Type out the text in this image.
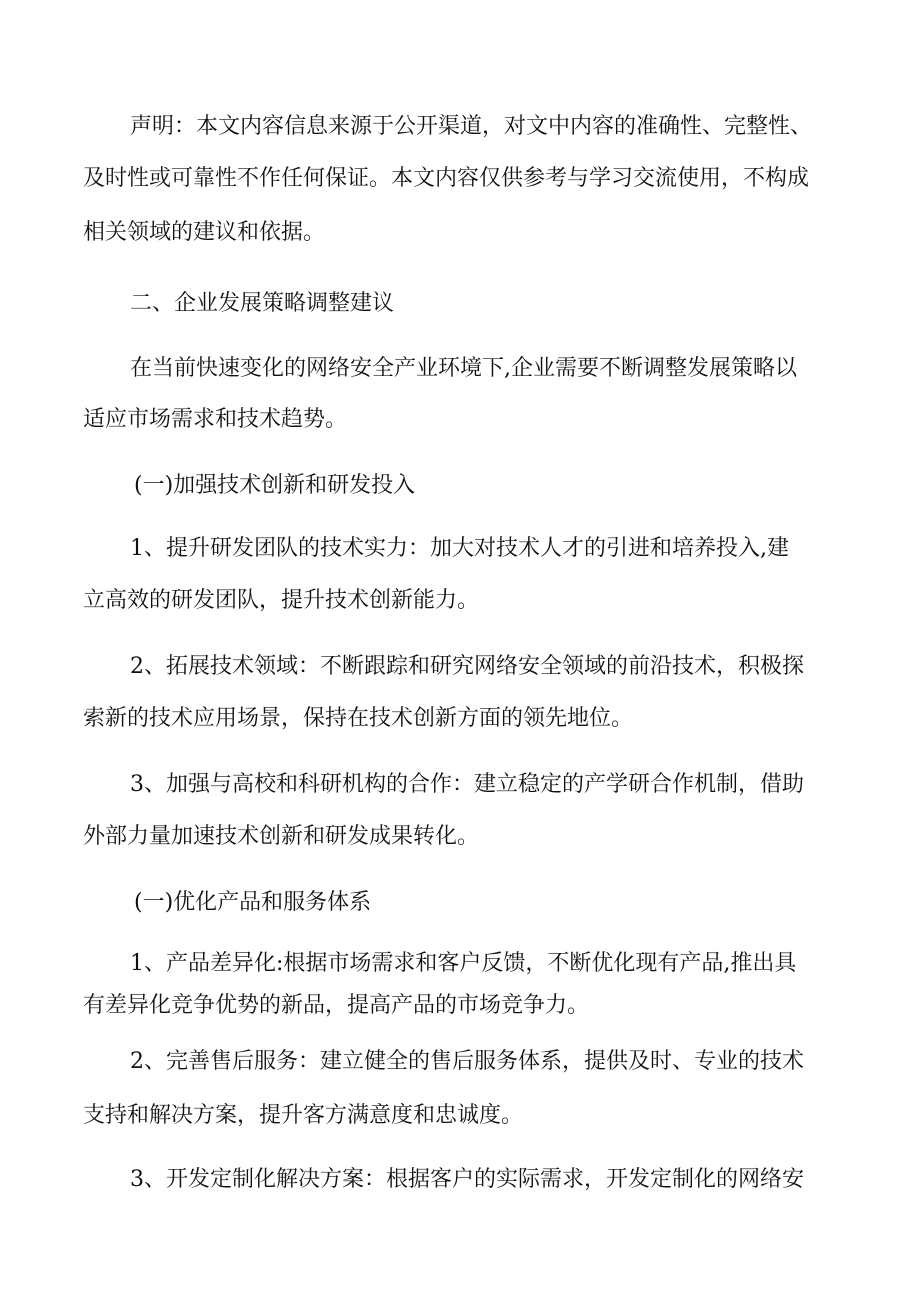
声明：本文内容信息来源于公开渠道，对文中内容的准确性、完整性、

及时性或可靠性不作任何保证。本文内容仅供参考与学习交流使用，不构成

相关领域的建议和依据。

二、企业发展策略调整建议

在当前快速变化的网络安全产业环境下,企业需要不断调整发展策略以

适应市场需求和技术趋势。

(一)加强技术创新和研发投入

1、提升研发团队的技术实力：加大对技术人才的引进和培养投入,建

立高效的研发团队，提升技术创新能力。

2、拓展技术领域：不断跟踪和研究网络安全领域的前沿技术，积极探

索新的技术应用场景，保持在技术创新方面的领先地位。

3、加强与高校和科研机构的合作：建立稳定的产学研合作机制，借助

外部力量加速技术创新和研发成果转化。

(一)优化产品和服务体系

1、产品差异化:根据市场需求和客户反馈，不断优化现有产品,推出具

有差异化竞争优势的新品，提高产品的市场竞争力。

2、完善售后服务：建立健全的售后服务体系，提供及时、专业的技术

支持和解决方案，提升客方满意度和忠诚度。

3、开发定制化解决方案：根据客户的实际需求，开发定制化的网络安
